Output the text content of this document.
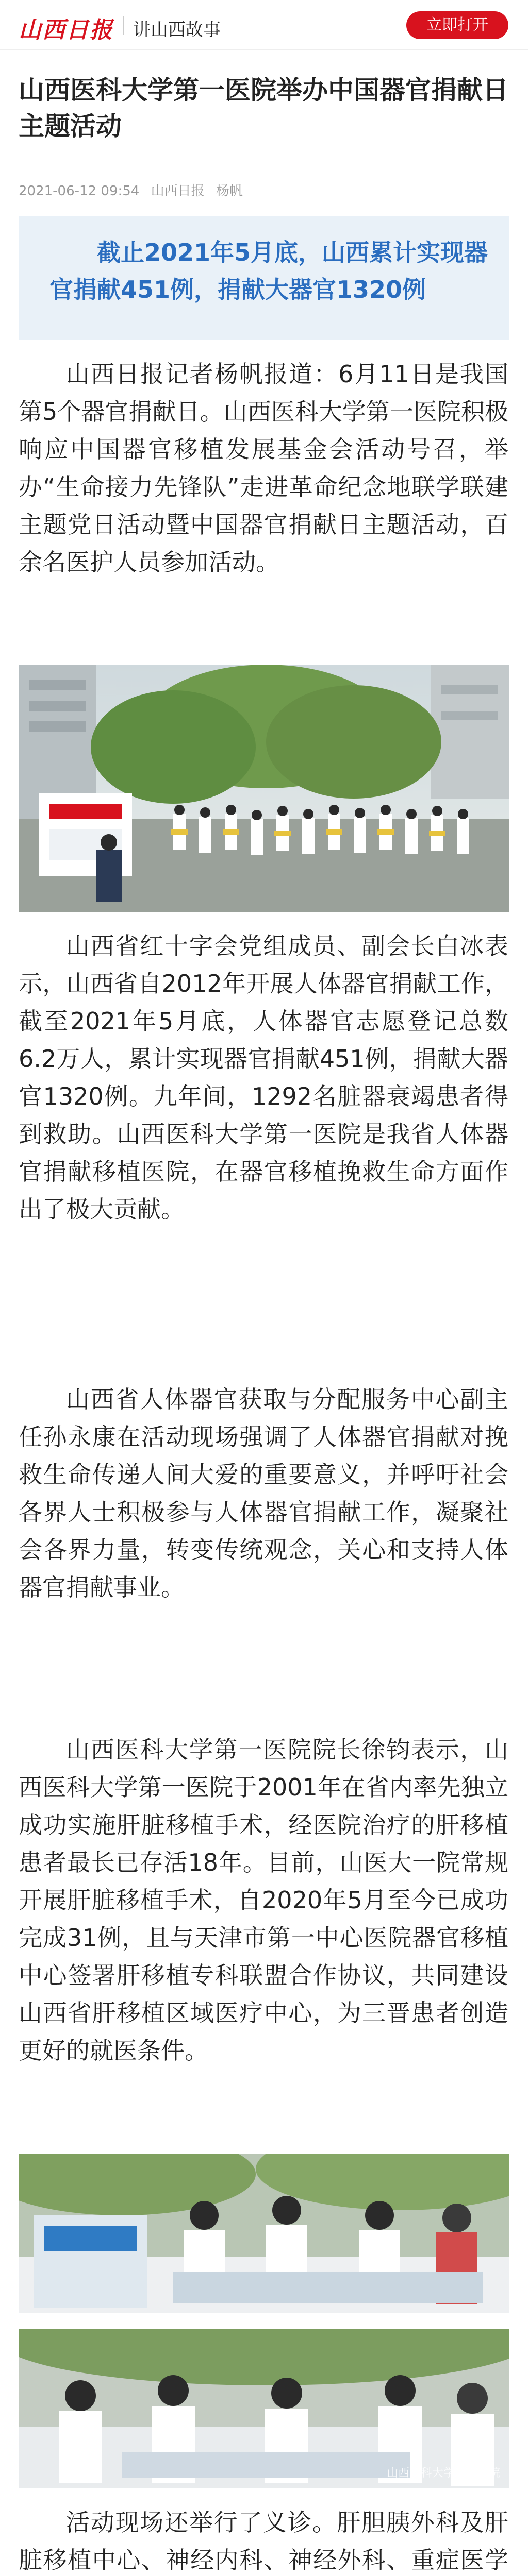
山西日报 讲山西故事	立即打开
山西医科大学第一医院举办中国器官捐献日主题活动
2021-06-12 09:54 山西日报 杨帆
截止2021年5月底，山西累计实现器官捐献451例，捐献大器官1320例

山西日报记者杨帆报道：6月11日是我国第5个器官捐献日。山西医科大学第一医院积极响应中国器官移植发展基金会活动号召，举办“生命接力先锋队”走进革命纪念地联学联建主题党日活动暨中国器官捐献日主题活动，百余名医护人员参加活动。

山西省红十字会党组成员、副会长白冰表示，山西省自2012年开展人体器官捐献工作，截至2021年5月底，人体器官志愿登记总数6.2万人，累计实现器官捐献451例，捐献大器官1320例。九年间，1292名脏器衰竭患者得到救助。山西医科大学第一医院是我省人体器官捐献移植医院，在器官移植挽救生命方面作出了极大贡献。

山西省人体器官获取与分配服务中心副主任孙永康在活动现场强调了人体器官捐献对挽救生命传递人间大爱的重要意义，并呼吁社会各界人士积极参与人体器官捐献工作，凝聚社会各界力量，转变传统观念，关心和支持人体器官捐献事业。

山西医科大学第一医院院长徐钧表示，山西医科大学第一医院于2001年在省内率先独立成功实施肝脏移植手术，经医院治疗的肝移植患者最长已存活18年。目前，山医大一院常规开展肝脏移植手术，自2020年5月至今已成功完成31例，且与天津市第一中心医院器官移植中心签署肝移植专科联盟合作协议，共同建设山西省肝移植区域医疗中心，为三晋患者创造更好的就医条件。

山西医科大学第一医院

活动现场还举行了义诊。肝胆胰外科及肝脏移植中心、神经内科、神经外科、重症医学
